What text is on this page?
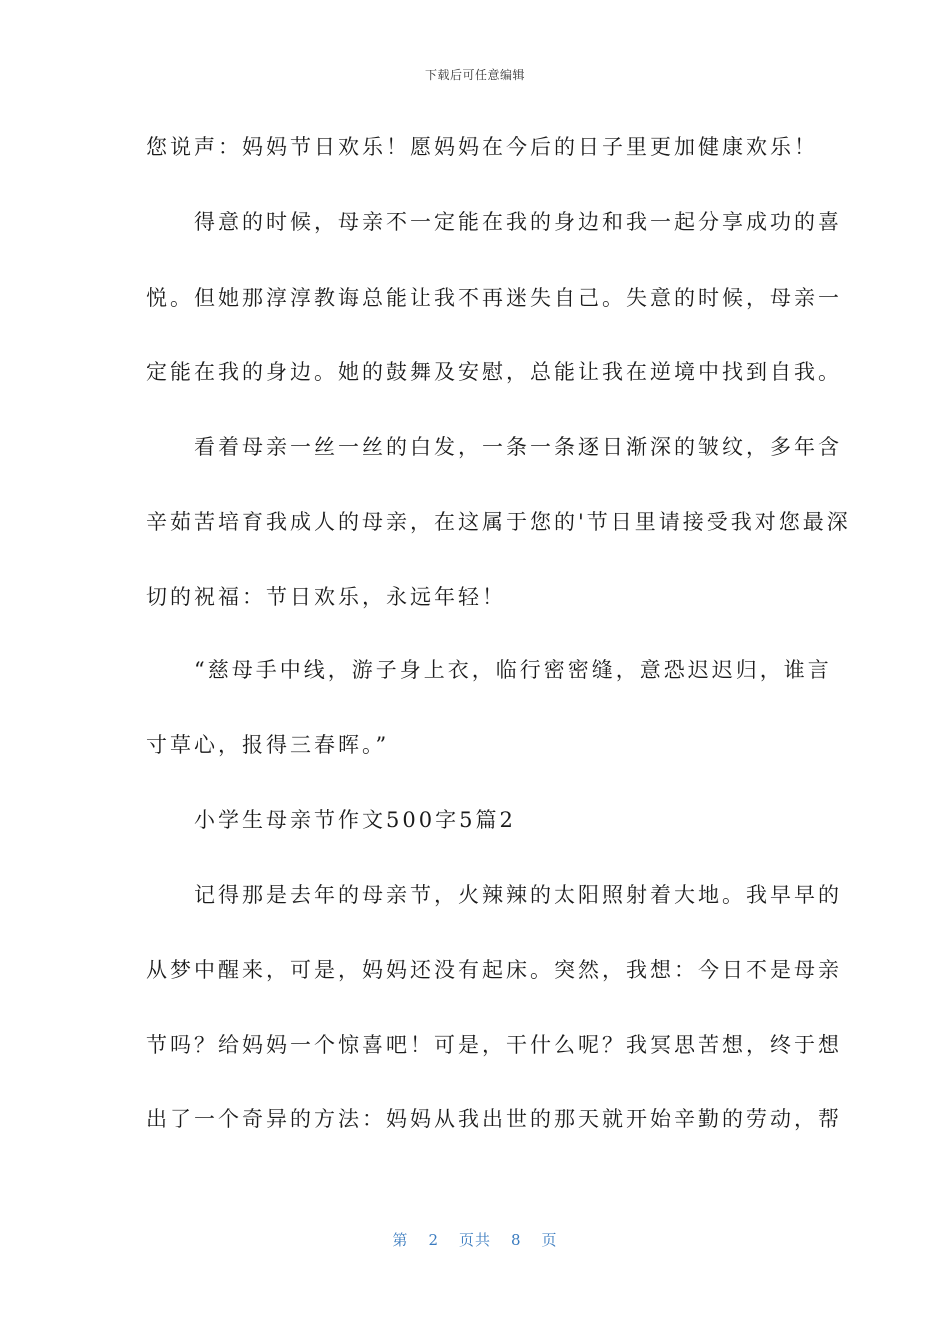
下载后可任意编辑
您说声：妈妈节日欢乐！愿妈妈在今后的日子里更加健康欢乐！
　　得意的时候，母亲不一定能在我的身边和我一起分享成功的喜
悦。但她那淳淳教诲总能让我不再迷失自己。失意的时候，母亲一
定能在我的身边。她的鼓舞及安慰，总能让我在逆境中找到自我。
　　看着母亲一丝一丝的白发，一条一条逐日渐深的皱纹，多年含
辛茹苦培育我成人的母亲，在这属于您的'节日里请接受我对您最深
切的祝福：节日欢乐，永远年轻！
　　“慈母手中线，游子身上衣，临行密密缝，意恐迟迟归，谁言
寸草心，报得三春晖。”
　　小学生母亲节作文500字5篇2
　　记得那是去年的母亲节，火辣辣的太阳照射着大地。我早早的
从梦中醒来，可是，妈妈还没有起床。突然，我想：今日不是母亲
节吗？给妈妈一个惊喜吧！可是，干什么呢？我冥思苦想，终于想
出了一个奇异的方法：妈妈从我出世的那天就开始辛勤的劳动，帮
第 2 页共 8 页
